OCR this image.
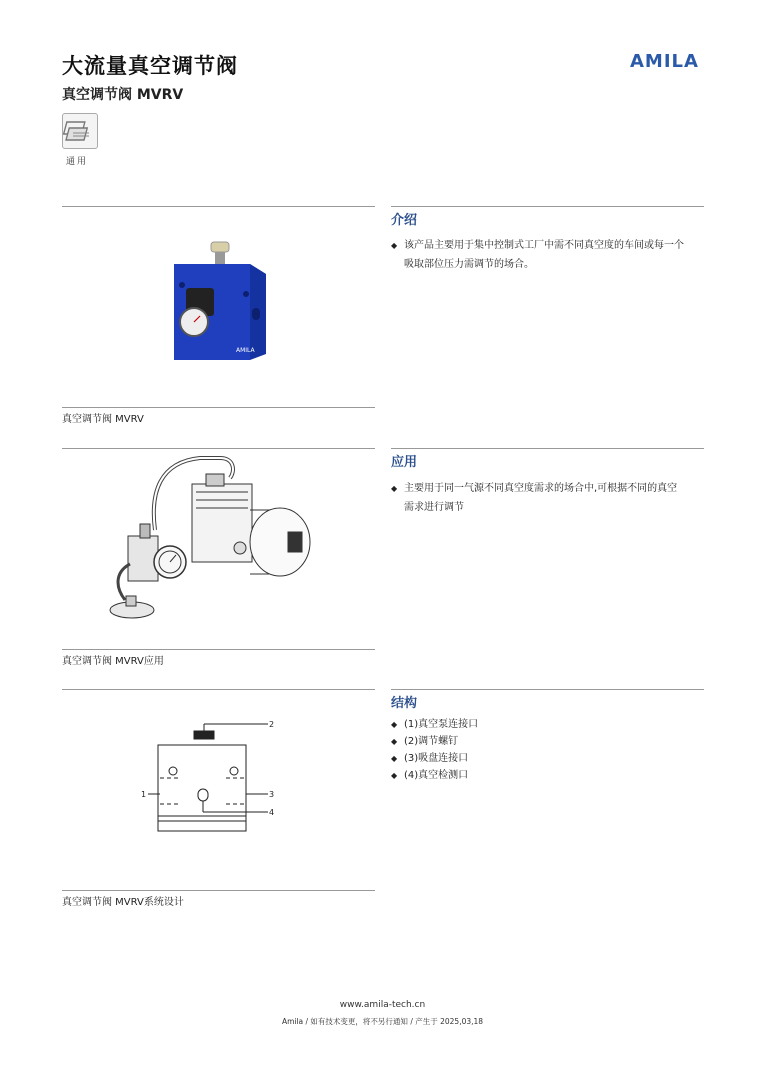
大流量真空调节阀
真空调节阀 MVRV
AMILA
通用
介绍
◆ 该产品主要用于集中控制式工厂中需不同真空度的车间或每一个
吸取部位压力需调节的场合。
AMILA
真空调节阀 MVRV
应用
◆ 主要用于同一气源不同真空度需求的场合中,可根据不同的真空
需求进行调节
真空调节阀 MVRV应用
结构
◆ (1)真空泵连接口
◆ (2)调节螺钉
◆ (3)吸盘连接口
◆ (4)真空检测口
2
1	3
4
真空调节阀 MVRV系统设计
www.amila-tech.cn
Amila / 如有技术变更，将不另行通知 / 产生于 2025,03,18
